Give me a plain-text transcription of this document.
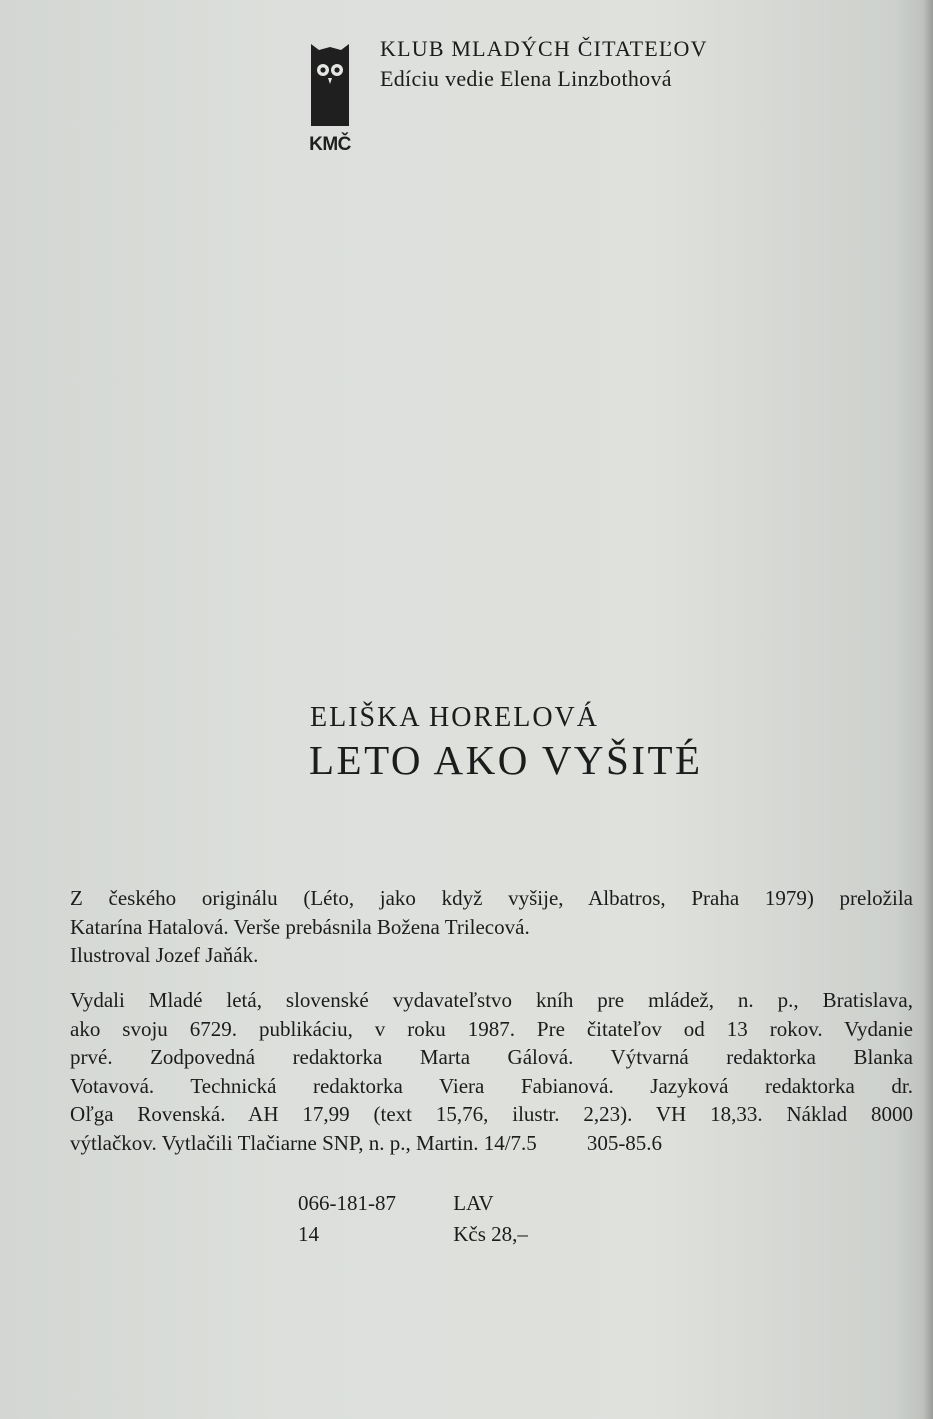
KMČ
KLUB MLADÝCH ČITATEĽOV
Edíciu vedie Elena Linzbothová
ELIŠKA HORELOVÁ
LETO AKO VYŠITÉ
Z českého originálu (Léto, jako když vyšije, Albatros, Praha 1979) preložila
Katarína Hatalová. Verše prebásnila Božena Trilecová.
Ilustroval Jozef Jaňák.
Vydali Mladé letá, slovenské vydavateľstvo kníh pre mládež, n. p., Bratislava,
ako svoju 6729. publikáciu, v roku 1987. Pre čitateľov od 13 rokov. Vydanie
prvé. Zodpovedná redaktorka Marta Gálová. Výtvarná redaktorka Blanka
Votavová. Technická redaktorka Viera Fabianová. Jazyková redaktorka dr.
Oľga Rovenská. AH 17,99 (text 15,76, ilustr. 2,23). VH 18,33. Náklad 8000
výtlačkov. Vytlačili Tlačiarne SNP, n. p., Martin. 14/7.5 305-85.6
066-181-87	LAV
14	Kčs 28,–
